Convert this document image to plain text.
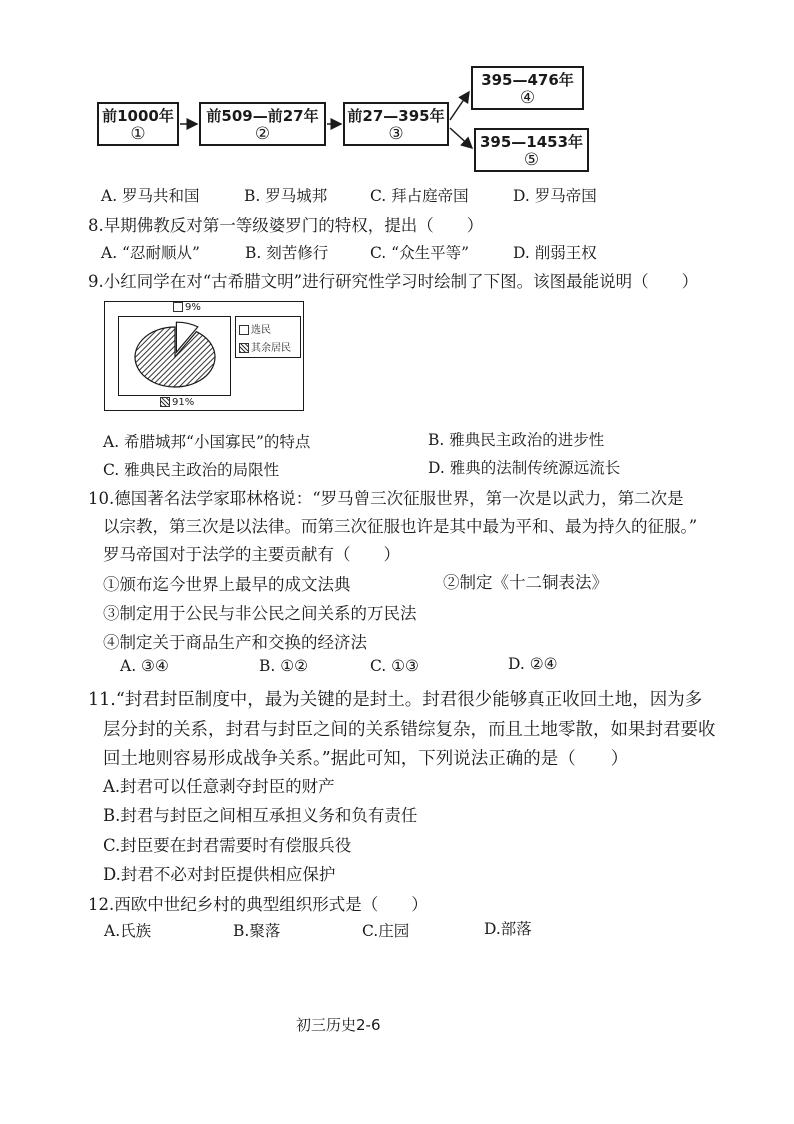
前1000年
①
前509—前27年
②
前27—395年
③
395—476年
④
395—1453年
⑤
A. 罗马共和国	B. 罗马城邦	C. 拜占庭帝国	D. 罗马帝国
8.早期佛教反对第一等级婆罗门的特权，提出（　　）
A. “忍耐顺从”	B. 刻苦修行	C. “众生平等”	D. 削弱王权
9.小红同学在对“古希腊文明”进行研究性学习时绘制了下图。该图最能说明（　　）
9%
91%
选民
其余居民
A. 希腊城邦“小国寡民”的特点	B. 雅典民主政治的进步性
C. 雅典民主政治的局限性	D. 雅典的法制传统源远流长
10.德国著名法学家耶林格说：“罗马曾三次征服世界，第一次是以武力，第二次是
以宗教，第三次是以法律。而第三次征服也许是其中最为平和、最为持久的征服。”
罗马帝国对于法学的主要贡献有（　　）
①颁布迄今世界上最早的成文法典	②制定《十二铜表法》
③制定用于公民与非公民之间关系的万民法
④制定关于商品生产和交换的经济法
A. ③④	B. ①②	C. ①③	D. ②④
11.“封君封臣制度中，最为关键的是封土。封君很少能够真正收回土地，因为多
层分封的关系，封君与封臣之间的关系错综复杂，而且土地零散，如果封君要收
回土地则容易形成战争关系。”据此可知，下列说法正确的是（　　）
A.封君可以任意剥夺封臣的财产
B.封君与封臣之间相互承担义务和负有责任
C.封臣要在封君需要时有偿服兵役
D.封君不必对封臣提供相应保护
12.西欧中世纪乡村的典型组织形式是（　　）
A.氏族	B.聚落	C.庄园	D.部落
初三历史2-6
